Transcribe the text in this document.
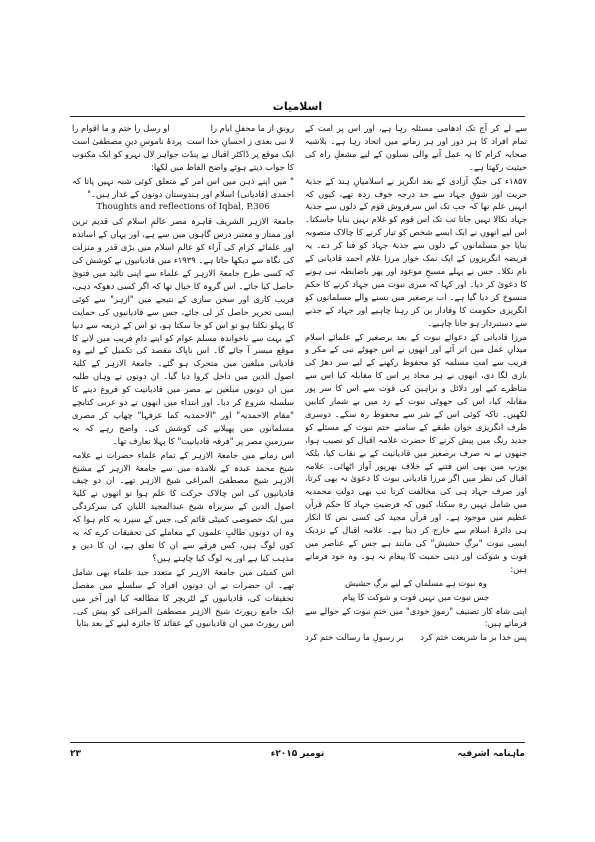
اسلامیات

سے لے کر آج تک ادھامی مسئلہ رہا ہے، اور اس پر امت کے تمام افراد کا ہر دور اور ہر زمانے میں اتحاد رہا ہے۔ بلاشبہ صحابہ کرام کا یہ عمل آنے والی نسلوں کے لیے مشعلِ راہ کی حیثیت رکھتا ہے۔

۱۸۵۷ء کی جنگِ آزادی کے بعد انگریز نے اسلامیانِ ہند کے جذبۂ حریت اور شوقِ جہاد سے حد درجہ خوف زدہ تھے، کیوں کہ انہیں علم تھا کہ جب تک اس سرفروش قوم کے دلوں سے جذبۂ جہاد نکالا نہیں جاتا تب تک اس قوم کو غلام نہیں بنایا جاسکتا۔ اس لیے انھوں نے ایک ایسے شخص کو تیار کرنے کا چالاک منصوبہ بنایا جو مسلمانوں کے دلوں سے جذبۂ جہاد کو فنا کر دے۔ یہ فریضہ انگریزوں کے ایک نمک خوار مرزا غلام احمد قادیانی کے نام نکلا۔ جس نے پہلے مسیحِ موعود اور پھر باضابطہ نبی ہونے کا دعویٰ کر دیا۔ اور کہا کہ میری نبوت میں جہاد کرنے کا حکم منسوخ کر دیا گیا ہے۔ اب برصغیر میں بسنے والے مسلمانوں کو انگریزی حکومت کا وفادار بن کر رہنا چاہیے اور جہاد کے جذبے سے دستبردار ہو جانا چاہیے۔

مرزا قادیانی کے دعوائے نبوت کے بعد برصغیر کے علمائے اسلام میدانِ عمل میں اتر آئے اور انھوں نے اس جھوٹے نبی کے مکر و فریب سے امتِ مسلمہ کو محفوظ رکھنے کے لیے سر دھڑ کی بازی لگا دی، انھوں نے ہر محاذ پر اس کا مقابلہ کیا اس سے مناظرے کیے اور دلائل و براہین کی قوت سے اس کا سر پور مقابلہ کیا، اس کی جھوٹی نبوت کے رد میں بے شمار کتابیں لکھیں۔ تاکہ کوئی اس کے شر سے محفوظ رہ سکے۔ دوسری طرف انگریزی خوان طبقے کے سامنے ختم نبوت کے مسئلے کو جدید رنگ میں پیش کرنے کا حضرت علامہ اقبال کو نصیب ہوا، جنھوں نے نہ صرف برصغیر میں قادیانیت کے بے نقاب کیا، بلکہ یورپ میں بھی اس فتنے کے خلاف بھرپور آواز اٹھائی۔ علامہ اقبال کی نظر میں اگر مرزا قادیانی نبوت کا دعویٰ نہ بھی کرتا، اور صرف جہاد ہی کی مخالفت کرتا تب بھی دولتِ محمدیہ میں شامل نہیں رہ سکتا، کیوں کہ فرضیتِ جہاد کا حکم قرآن عظیم میں موجود ہے۔ اور قرآن مجید کی کسی نص کا انکار ہی دائرۂ اسلام سے خارج کر دیتا ہے۔ علامہ اقبال کے نزدیک ایسی نبوت "برگِ حشیش" کی مانند ہے جس کے عناصر میں قوت و شوکت اور دینی حمیت کا پیغام نہ ہو۔ وہ خود فرماتے ہیں:

وہ نبوت ہے مسلماں کے لیے برگِ حشیش

جس نبوت میں نہیں قوت و شوکت کا پیام

اپنی شاہ کار تصنیف "رموزِ خودی" میں ختمِ نبوت کے حوالے سے فرماتے ہیں:

پس خدا بر ما شریعت ختم کرد
بر رسولِ ما رسالت ختم کرد
رونقِ از ما محفلِ ایام را
او رسل را ختم و ما اقوام را
لا نبی بعدی ز احسانِ خدا است
پردۂ ناموسِ دینِ مصطفیٰ است

ایک موقع پر ڈاکٹر اقبال نے پنڈت جواہر لال نہرو کو ایک مکتوب کا جواب دیتے ہوئے واضح الفاظ میں لکھا:

" میں اپنے ذہن میں اس امر کے متعلق کوئی شبہ نہیں پاتا کہ احمدی (قادیانی) اسلام اور ہندوستان دونوں کے غدار ہیں۔"

Thoughts and reflections of Iqbal, P.306

جامعۃ الازہر الشریف قاہرہ مصر عالمِ اسلام کی قدیم ترین اور ممتاز و معتبر درس گاہوں میں سے ہے، اور یہاں کے اساتذہ اور علمائے کرام کی آراء کو عالمِ اسلام میں بڑی قدر و منزلت کی نگاہ سے دیکھا جاتا ہے۔ ۱۹۳۹ء میں قادیانیوں نے کوشش کی کہ کسی طرح جامعۃ الازہر کے علماء سے اپنی تائید میں فتویٰ حاصل کیا جائے۔ اس گروہ کا خیال تھا کہ اگر کسی دھوکہ دہی، فریب کاری اور سخن سازی کے نتیجے میں "ازہر" سے کوئی ایسی تحریر حاصل کر لی جائے، جس سے قادیانیوں کی حمایت کا پہلو نکلتا ہو تو اس کو جا سکتا ہو، تو اس کے ذریعہ سے دنیا کے بہت سے ناخواندہ مسلم عوام کو اپنے دامِ فریب میں لانے کا موقع میسر آ جائے گا۔ اس ناپاک مقصد کی تکمیل کے لیے وہ قادیانی مبلغین میں متحرک ہو گئے۔ جامعۃ الازہر کے کلیۃ اصول الدین میں داخل کروا دیا گیا۔ ان دونوں نے وہاں طلبہ میں ان دونوں مبلغین نے مصر میں قادیانیت کو فروغ دینے کا سلسلہ شروع کر دیا۔ اور ابتداء میں انھوں نے دو عربی کتابچے "مقام الاحمدیہ" اور "الاحمدیہ کما عرفہا" چھاپ کر مصری مسلمانوں میں پھیلانے کی کوشش کی۔ واضح رہے کہ یہ سرزمینِ مصر پر "فرقہ قادیانیت" کا پہلا تعارف تھا۔

اس زمانے میں جامعۃ الازہر کے تمام علماء حضرات نے علامہ شیخ محمد عبدہ کے تلامذہ میں سے جامعۃ الازہر کے مشیخ الازہر شیخ مصطفیٰ المراغی شیخ الازہر تھے۔ ان دو چیف قادیانیوں کی اس چالاک حرکت کا علم ہوا تو انھوں نے کلیۃ اصول الدین کے سربراہ شیخ عبدالمجید اللبان کی سرکردگی میں ایک خصوصی کمیٹی قائم کی، جس کے سپرد یہ کام ہوا کہ وہ ان دونوں طالبِ علموں کے معاملے کی تحقیقات کرے کہ یہ کون لوگ ہیں، کس فرقے سے ان کا تعلق ہے، ان کا دین و مذہب کیا ہے اور یہ لوگ کیا چاہتے ہیں؟

اس کمیٹی میں جامعۃ الازہر کے متعدد جید علماء بھی شامل تھے۔ ان حضرات نے ان دونوں افراد کے سلسلے میں مفصل تحقیقات کی، قادیانیوں کے لٹریچر کا مطالعہ کیا اور آخر میں ایک جامع رپورٹ شیخ الازہر مصطفیٰ المراغی کو پیش کی۔ اس رپورٹ میں ان قادیانیوں کے عقائد کا جائزہ لینے کے بعد بتایا

ماہنامہ اشرفیہ
نومبر ۲۰۱۵ء
۲۳
